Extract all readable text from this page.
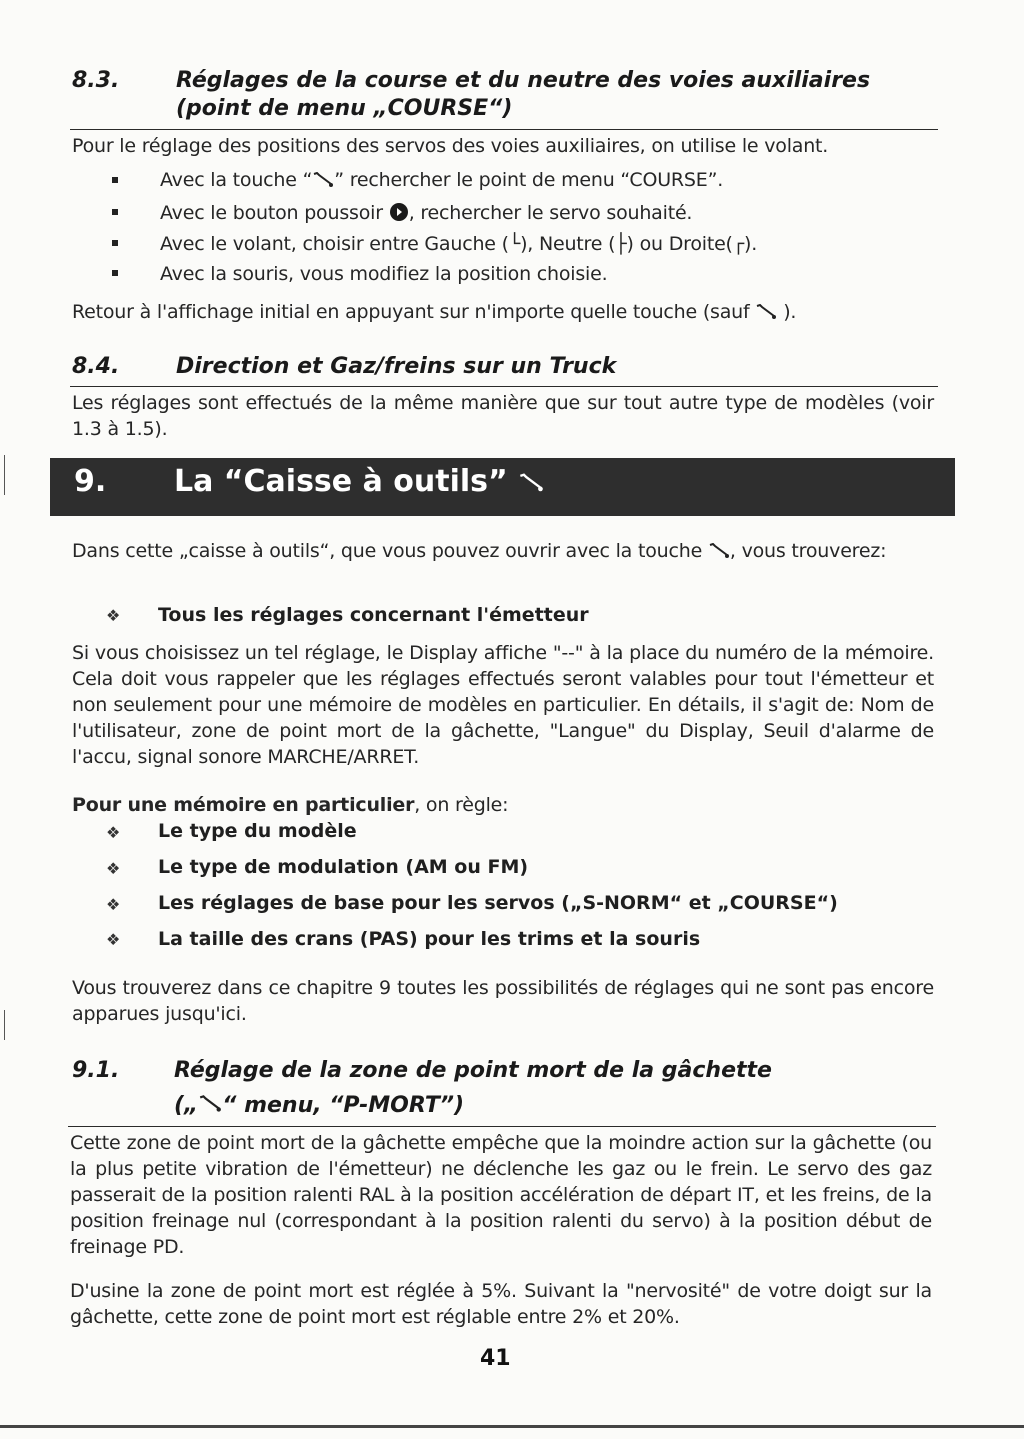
8.3.	Réglages de la course et du neutre des voies auxiliaires
(point de menu „COURSE“)
Pour le réglage des positions des servos des voies auxiliaires, on utilise le volant.
Avec la touche “ ” rechercher le point de menu “COURSE”.
Avec le bouton poussoir , rechercher le servo souhaité.
Avec le volant, choisir entre Gauche (└), Neutre (├) ou Droite(┌).
Avec la souris, vous modifiez la position choisie.
Retour à l'affichage initial en appuyant sur n'importe quelle touche (sauf  ).
8.4.	Direction et Gaz/freins sur un Truck
Les réglages sont effectués de la même manière que sur tout autre type de modèles (voir 1.3 à 1.5).
9. La “Caisse à outils”
Dans cette „caisse à outils“, que vous pouvez ouvrir avec la touche , vous trouverez:
❖ Tous les réglages concernant l'émetteur
Si vous choisissez un tel réglage, le Display affiche "--" à la place du numéro de la mémoire. Cela doit vous rappeler que les réglages effectués seront valables pour tout l'émetteur et non seulement pour une mémoire de modèles en particulier. En détails, il s'agit de: Nom de l'utilisateur, zone de point mort de la gâchette, "Langue" du Display, Seuil d'alarme de l'accu, signal sonore MARCHE/ARRET.
Pour une mémoire en particulier, on règle:
❖ Le type du modèle
❖ Le type de modulation (AM ou FM)
❖ Les réglages de base pour les servos („S-NORM“ et „COURSE“)
❖ La taille des crans (PAS) pour les trims et la souris
Vous trouverez dans ce chapitre 9 toutes les possibilités de réglages qui ne sont pas encore apparues jusqu'ici.
9.1. Réglage de la zone de point mort de la gâchette
(„ “ menu, “P-MORT”)
Cette zone de point mort de la gâchette empêche que la moindre action sur la gâchette (ou la plus petite vibration de l'émetteur) ne déclenche les gaz ou le frein. Le servo des gaz passerait de la position ralenti RAL à la position accélération de départ IT, et les freins, de la position freinage nul (correspondant à la position ralenti du servo) à la position début de freinage PD.
D'usine la zone de point mort est réglée à 5%. Suivant la "nervosité" de votre doigt sur la gâchette, cette zone de point mort est réglable entre 2% et 20%.
41
